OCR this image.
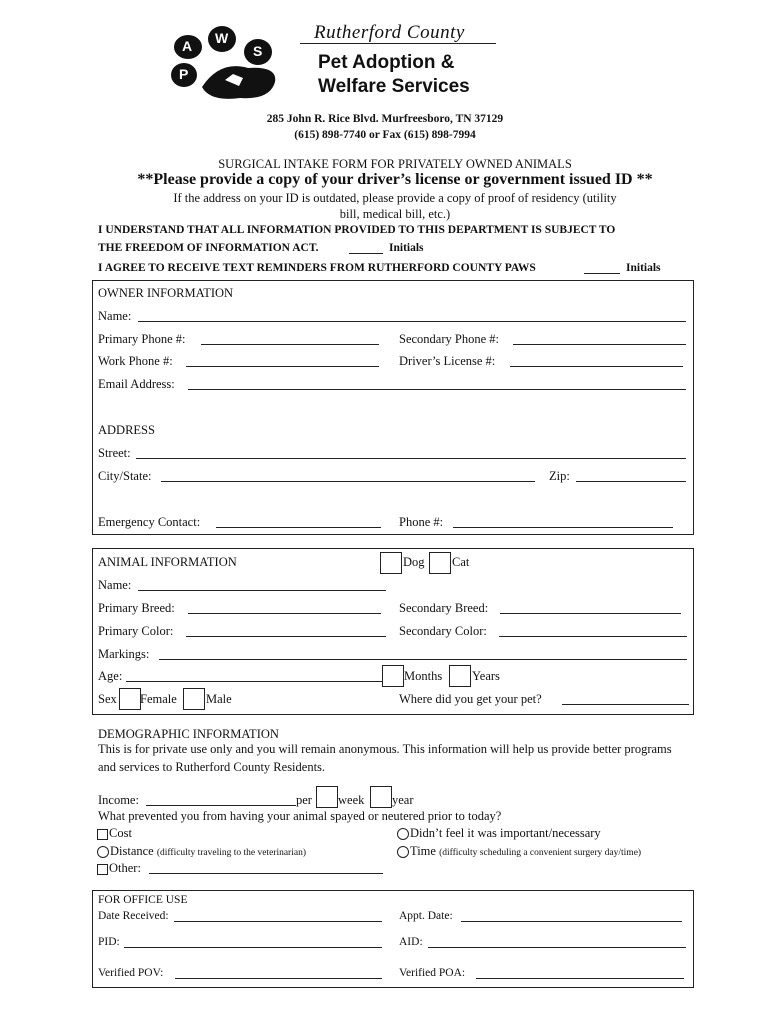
A W
S
P
Rutherford County
Pet Adoption &
Welfare Services
285 John R. Rice Blvd. Murfreesboro, TN 37129
(615) 898-7740 or Fax (615) 898-7994
SURGICAL INTAKE FORM FOR PRIVATELY OWNED ANIMALS
**Please provide a copy of your driver’s license or government issued ID **
If the address on your ID is outdated, please provide a copy of proof of residency (utility
bill, medical bill, etc.)
I UNDERSTAND THAT ALL INFORMATION PROVIDED TO THIS DEPARTMENT IS SUBJECT TO
THE FREEDOM OF INFORMATION ACT.	Initials
I AGREE TO RECEIVE TEXT REMINDERS FROM RUTHERFORD COUNTY PAWS	Initials
OWNER INFORMATION
Name:
Primary Phone #:	Secondary Phone #:
Work Phone #:	Driver’s License #:
Email Address:
ADDRESS
Street:
City/State:	Zip:
Emergency Contact:	Phone #:
ANIMAL INFORMATION	Dog Cat
Name:
Primary Breed:	Secondary Breed:
Primary Color:	Secondary Color:
Markings:
Age:	Months Years
Sex Female Male	Where did you get your pet?
DEMOGRAPHIC INFORMATION
This is for private use only and you will remain anonymous. This information will help us provide better programs
and services to Rutherford County Residents.
Income:	per week year
What prevented you from having your animal spayed or neutered prior to today?
Cost	Didn’t feel it was important/necessary
Distance (difficulty traveling to the veterinarian)	Time (difficulty scheduling a convenient surgery day/time)
Other:
FOR OFFICE USE
Date Received:	Appt. Date:
PID:	AID:
Verified POV:	Verified POA:
